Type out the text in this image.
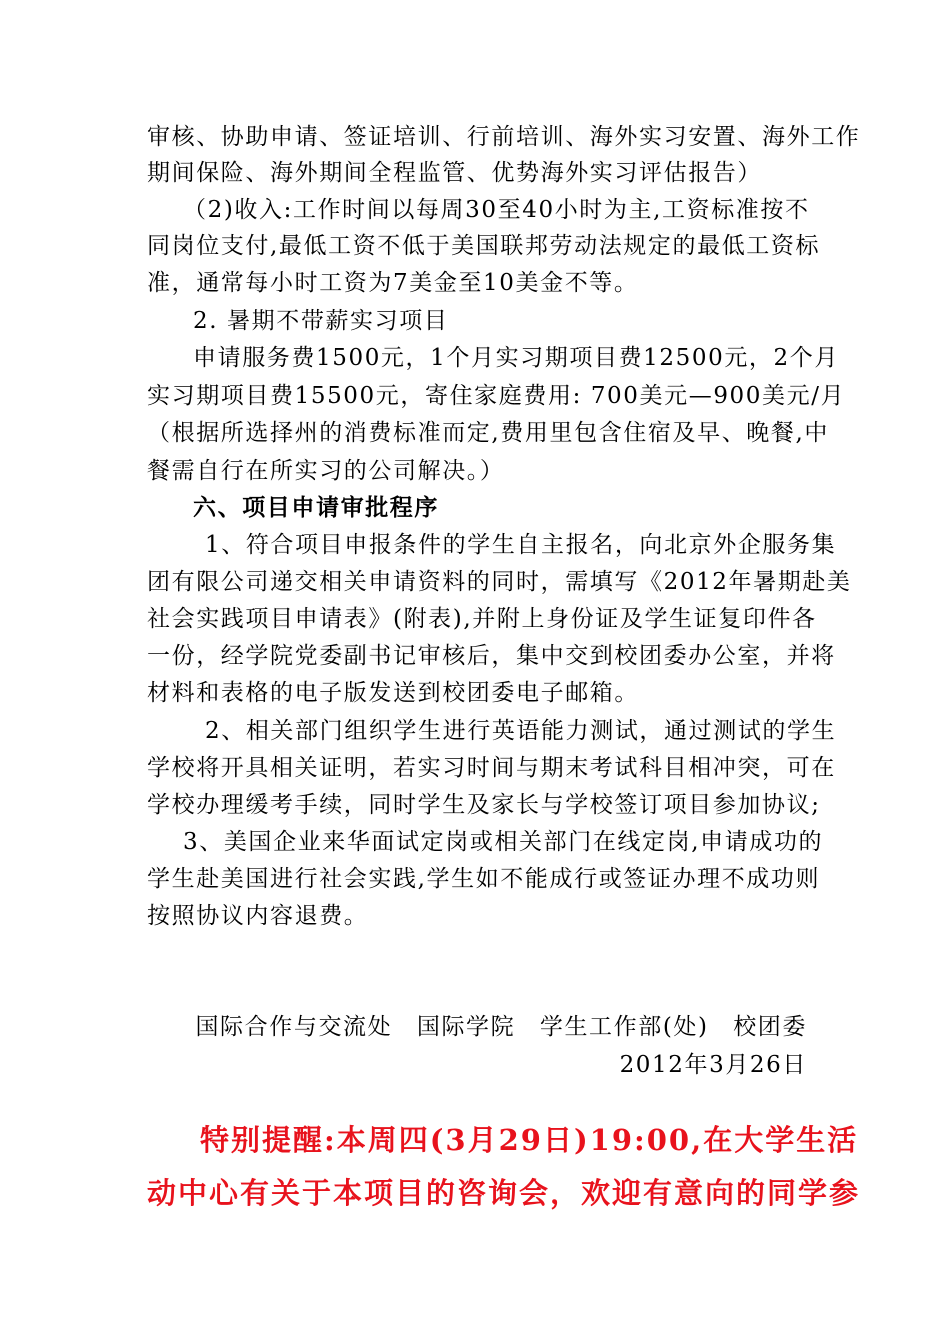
审核、协助申请、签证培训、行前培训、海外实习安置、海外工作
期间保险、海外期间全程监管、优势海外实习评估报告）
（2)收入:工作时间以每周30至40小时为主,工资标准按不
同岗位支付,最低工资不低于美国联邦劳动法规定的最低工资标
准，通常每小时工资为7美金至10美金不等。
2. 暑期不带薪实习项目
申请服务费1500元，1个月实习期项目费12500元，2个月
实习期项目费15500元，寄住家庭费用: 700美元—900美元/月
（根据所选择州的消费标准而定,费用里包含住宿及早、晚餐,中
餐需自行在所实习的公司解决。）
六、项目申请审批程序
1、符合项目申报条件的学生自主报名，向北京外企服务集
团有限公司递交相关申请资料的同时，需填写《2012年暑期赴美
社会实践项目申请表》(附表),并附上身份证及学生证复印件各
一份，经学院党委副书记审核后，集中交到校团委办公室，并将
材料和表格的电子版发送到校团委电子邮箱。
2、相关部门组织学生进行英语能力测试，通过测试的学生
学校将开具相关证明，若实习时间与期末考试科目相冲突，可在
学校办理缓考手续，同时学生及家长与学校签订项目参加协议;
3、美国企业来华面试定岗或相关部门在线定岗,申请成功的
学生赴美国进行社会实践,学生如不能成行或签证办理不成功则
按照协议内容退费。
国际合作与交流处　国际学院　学生工作部(处)　校团委
2012年3月26日
特别提醒:本周四(3月29日)19:00,在大学生活
动中心有关于本项目的咨询会，欢迎有意向的同学参
